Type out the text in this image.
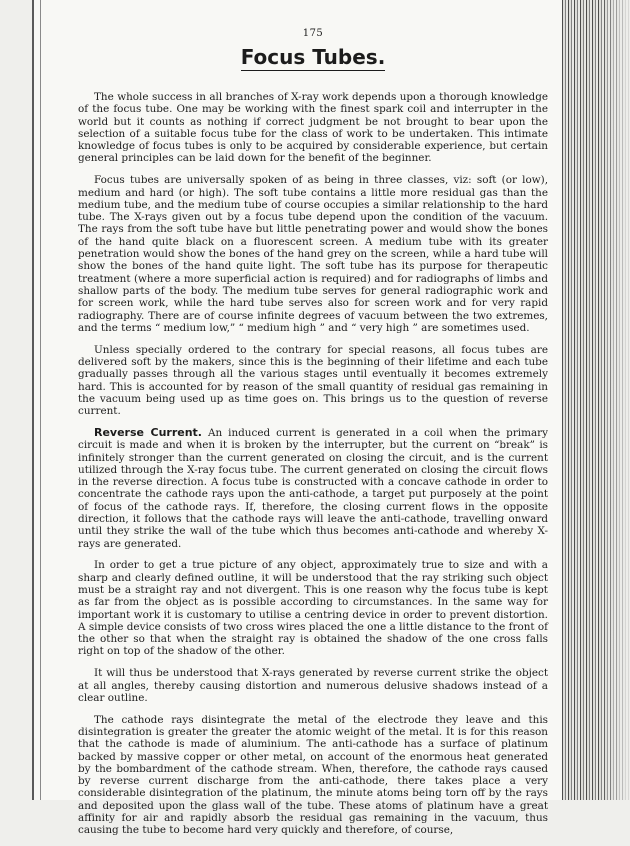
175
Focus Tubes.

The whole success in all branches of X-ray work depends upon a thorough knowledge of the focus tube. One may be working with the finest spark coil and interrupter in the world but it counts as nothing if correct judgment be not brought to bear upon the selection of a suitable focus tube for the class of work to be undertaken. This intimate knowledge of focus tubes is only to be acquired by considerable experience, but certain general principles can be laid down for the benefit of the beginner.

Focus tubes are universally spoken of as being in three classes, viz: soft (or low), medium and hard (or high). The soft tube contains a little more residual gas than the medium tube, and the medium tube of course occupies a similar relationship to the hard tube. The X-rays given out by a focus tube depend upon the condition of the vacuum. The rays from the soft tube have but little penetrating power and would show the bones of the hand quite black on a fluorescent screen. A medium tube with its greater penetration would show the bones of the hand grey on the screen, while a hard tube will show the bones of the hand quite light. The soft tube has its purpose for therapeutic treatment (where a more superficial action is required) and for radiographs of limbs and shallow parts of the body. The medium tube serves for general radiographic work and for screen work, while the hard tube serves also for screen work and for very rapid radiography. There are of course infinite degrees of vacuum between the two extremes, and the terms “ medium low,” “ medium high ” and “ very high ” are sometimes used.

Unless specially ordered to the contrary for special reasons, all focus tubes are delivered soft by the makers, since this is the beginning of their lifetime and each tube gradually passes through all the various stages until eventually it becomes extremely hard. This is accounted for by reason of the small quantity of residual gas remaining in the vacuum being used up as time goes on. This brings us to the question of reverse current.

Reverse Current. An induced current is generated in a coil when the primary circuit is made and when it is broken by the interrupter, but the current on “break” is infinitely stronger than the current generated on closing the circuit, and is the current utilized through the X-ray focus tube. The current generated on closing the circuit flows in the reverse direction. A focus tube is constructed with a concave cathode in order to concentrate the cathode rays upon the anti-cathode, a target put purposely at the point of focus of the cathode rays. If, therefore, the closing current flows in the opposite direction, it follows that the cathode rays will leave the anti-cathode, travelling onward until they strike the wall of the tube which thus becomes anti-cathode and whereby X-rays are generated.

In order to get a true picture of any object, approximately true to size and with a sharp and clearly defined outline, it will be understood that the ray striking such object must be a straight ray and not divergent. This is one reason why the focus tube is kept as far from the object as is possible according to circumstances. In the same way for important work it is customary to utilise a centring device in order to prevent distortion. A simple device consists of two cross wires placed the one a little distance to the front of the other so that when the straight ray is obtained the shadow of the one cross falls right on top of the shadow of the other.

It will thus be understood that X-rays generated by reverse current strike the object at all angles, thereby causing distortion and numerous delusive shadows instead of a clear outline.

The cathode rays disintegrate the metal of the electrode they leave and this disintegration is greater the greater the atomic weight of the metal. It is for this reason that the cathode is made of aluminium. The anti-cathode has a surface of platinum backed by massive copper or other metal, on account of the enormous heat generated by the bombardment of the cathode stream. When, therefore, the cathode rays caused by reverse current discharge from the anti-cathode, there takes place a very considerable disintegration of the platinum, the minute atoms being torn off by the rays and deposited upon the glass wall of the tube. These atoms of platinum have a great affinity for air and rapidly absorb the residual gas remaining in the vacuum, thus causing the tube to become hard very quickly and therefore, of course,
